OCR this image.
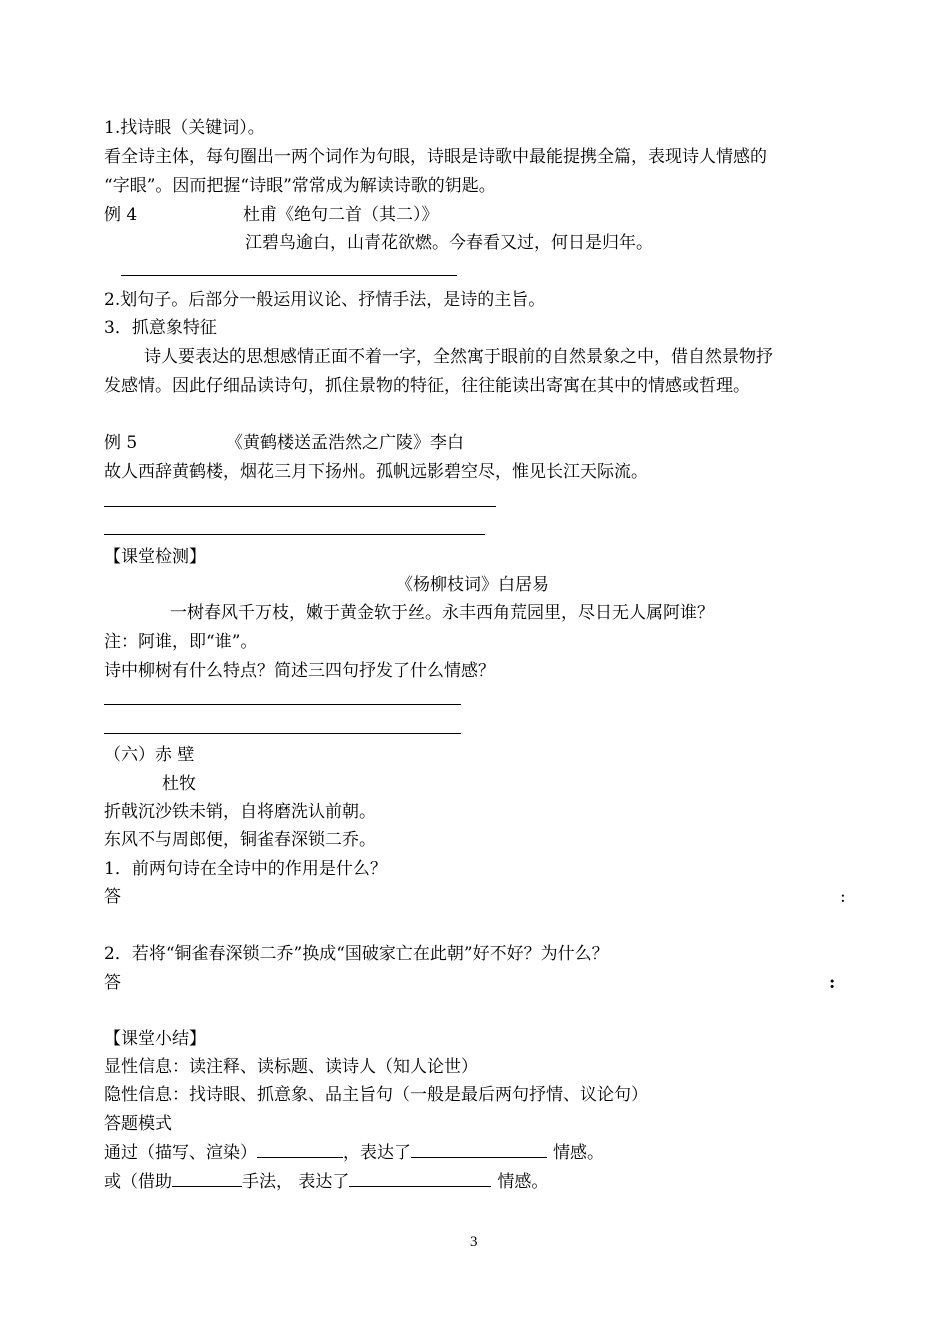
1.找诗眼（关键词）。
看全诗主体，每句圈出一两个词作为句眼，诗眼是诗歌中最能提携全篇，表现诗人情感的
“字眼”。因而把握“诗眼”常常成为解读诗歌的钥匙。
例 4	杜甫《绝句二首（其二）》
江碧鸟逾白，山青花欲燃。今春看又过，何日是归年。
2.划句子。后部分一般运用议论、抒情手法，是诗的主旨。
3．抓意象特征
诗人要表达的思想感情正面不着一字，全然寓于眼前的自然景象之中，借自然景物抒
发感情。因此仔细品读诗句，抓住景物的特征，往往能读出寄寓在其中的情感或哲理。
例 5	《黄鹤楼送孟浩然之广陵》李白
故人西辞黄鹤楼，烟花三月下扬州。孤帆远影碧空尽，惟见长江天际流。
【课堂检测】
《杨柳枝词》白居易
一树春风千万枝，嫩于黄金软于丝。永丰西角荒园里，尽日无人属阿谁？
注：阿谁，即“谁”。
诗中柳树有什么特点？简述三四句抒发了什么情感？
（六）赤 壁
杜牧
折戟沉沙铁未销，自将磨洗认前朝。
东风不与周郎便，铜雀春深锁二乔。
1．前两句诗在全诗中的作用是什么？
答	:
2．若将“铜雀春深锁二乔”换成“国破家亡在此朝”好不好？为什么？
答	:
【课堂小结】
显性信息：读注释、读标题、读诗人（知人论世）
隐性信息：找诗眼、抓意象、品主旨句（一般是最后两句抒情、议论句）
答题模式
通过（描写、渲染）	，表达了	情感。
或（借助	手法， 表达了	情感。
3
